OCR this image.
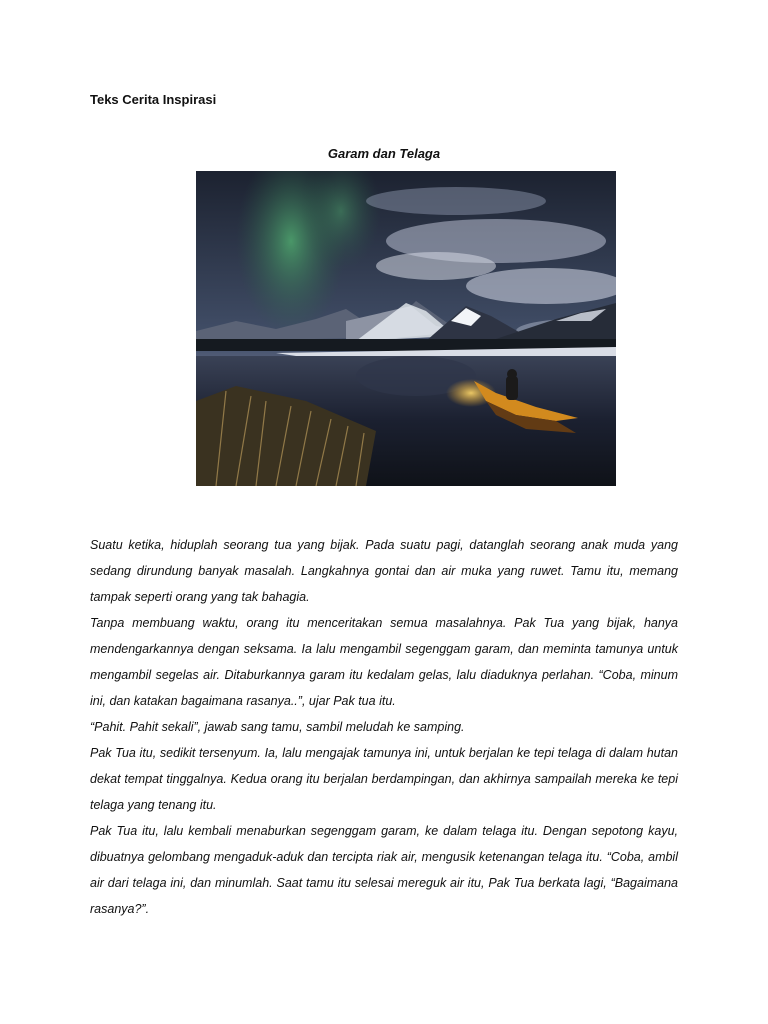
Teks Cerita Inspirasi
Garam dan Telaga

Suatu ketika, hiduplah seorang tua yang bijak. Pada suatu pagi, datanglah seorang anak muda yang sedang dirundung banyak masalah. Langkahnya gontai dan air muka yang ruwet. Tamu itu, memang tampak seperti orang yang tak bahagia.

Tanpa membuang waktu, orang itu menceritakan semua masalahnya. Pak Tua yang bijak, hanya mendengarkannya dengan seksama. Ia lalu mengambil segenggam garam, dan meminta tamunya untuk mengambil segelas air. Ditaburkannya garam itu kedalam gelas, lalu diaduknya perlahan. “Coba, minum ini, dan katakan bagaimana rasanya..”, ujar Pak tua itu.

“Pahit. Pahit sekali”, jawab sang tamu, sambil meludah ke samping.

Pak Tua itu, sedikit tersenyum. Ia, lalu mengajak tamunya ini, untuk berjalan ke tepi telaga di dalam hutan dekat tempat tinggalnya. Kedua orang itu berjalan berdampingan, dan akhirnya sampailah mereka ke tepi telaga yang tenang itu.

Pak Tua itu, lalu kembali menaburkan segenggam garam, ke dalam telaga itu. Dengan sepotong kayu, dibuatnya gelombang mengaduk-aduk dan tercipta riak air, mengusik ketenangan telaga itu. “Coba, ambil air dari telaga ini, dan minumlah. Saat tamu itu selesai mereguk air itu, Pak Tua berkata lagi, “Bagaimana rasanya?”.
